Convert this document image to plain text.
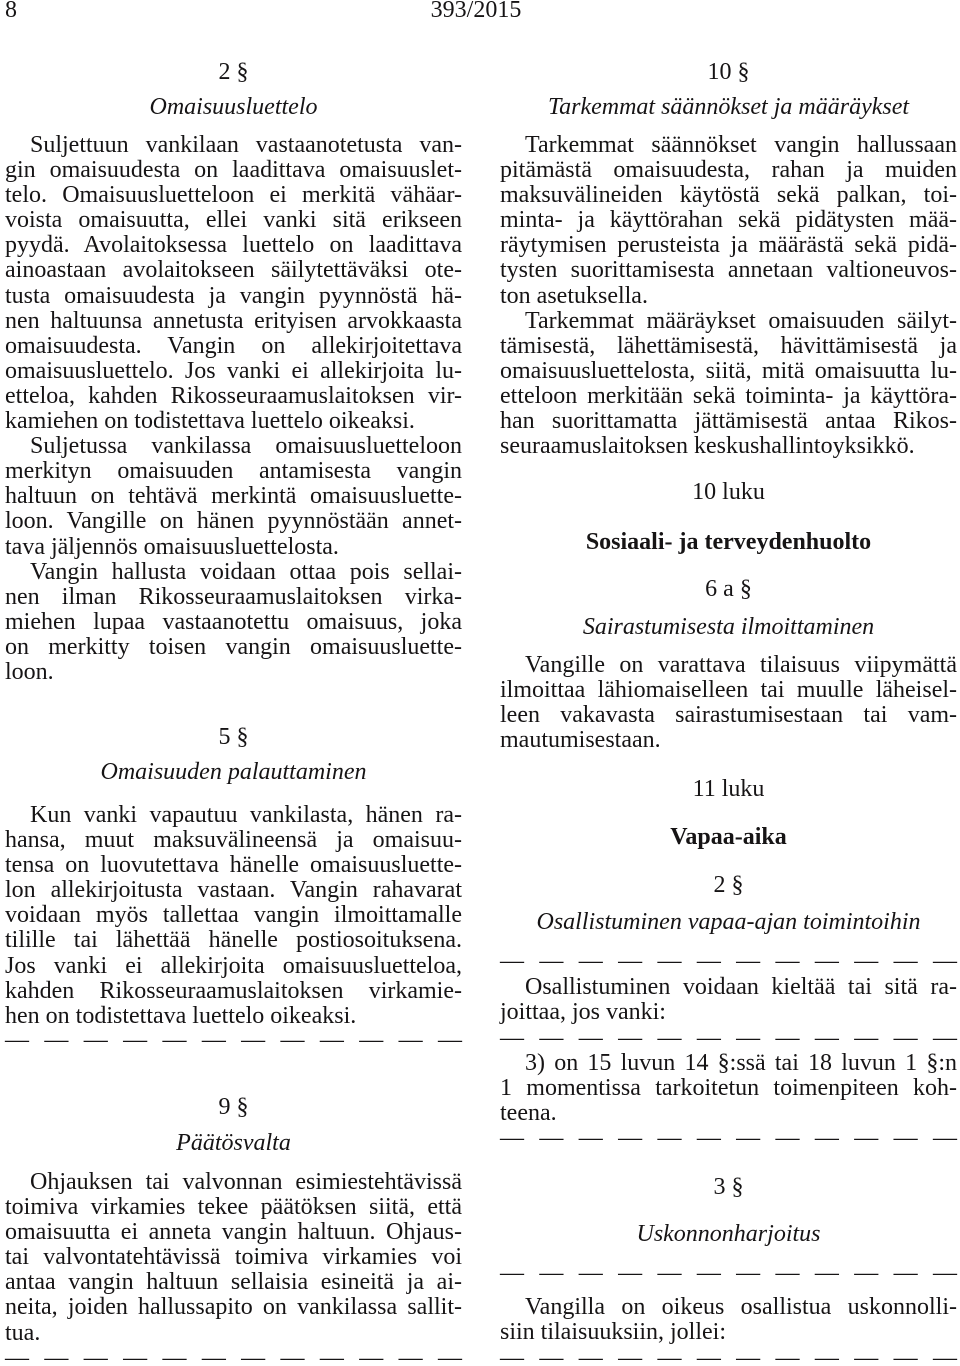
8	393/2015
2 §
Omaisuusluettelo
Suljettuun vankilaan vastaanotetusta van-
gin omaisuudesta on laadittava omaisuuslet-
telo. Omaisuusluetteloon ei merkitä vähäar-
voista omaisuutta, ellei vanki sitä erikseen
pyydä. Avolaitoksessa luettelo on laadittava
ainoastaan avolaitokseen säilytettäväksi ote-
tusta omaisuudesta ja vangin pyynnöstä hä-
nen haltuunsa annetusta erityisen arvokkaasta
omaisuudesta. Vangin on allekirjoitettava
omaisuusluettelo. Jos vanki ei allekirjoita lu-
etteloa, kahden Rikosseuraamuslaitoksen vir-
kamiehen on todistettava luettelo oikeaksi.
Suljetussa vankilassa omaisuusluetteloon
merkityn omaisuuden antamisesta vangin
haltuun on tehtävä merkintä omaisuusluette-
loon. Vangille on hänen pyynnöstään annet-
tava jäljennös omaisuusluettelosta.
Vangin hallusta voidaan ottaa pois sellai-
nen ilman Rikosseuraamuslaitoksen virka-
miehen lupaa vastaanotettu omaisuus, joka
on merkitty toisen vangin omaisuusluette-
loon.
5 §
Omaisuuden palauttaminen
Kun vanki vapautuu vankilasta, hänen ra-
hansa, muut maksuvälineensä ja omaisuu-
tensa on luovutettava hänelle omaisuusluette-
lon allekirjoitusta vastaan. Vangin rahavarat
voidaan myös tallettaa vangin ilmoittamalle
tilille tai lähettää hänelle postiosoituksena.
Jos vanki ei allekirjoita omaisuusluetteloa,
kahden Rikosseuraamuslaitoksen virkamie-
hen on todistettava luettelo oikeaksi.
— — — — — — — — — — — —
9 §
Päätösvalta
Ohjauksen tai valvonnan esimiestehtävissä
toimiva virkamies tekee päätöksen siitä, että
omaisuutta ei anneta vangin haltuun. Ohjaus-
tai valvontatehtävissä toimiva virkamies voi
antaa vangin haltuun sellaisia esineitä ja ai-
neita, joiden hallussapito on vankilassa sallit-
tua.
— — — — — — — — — — — —
10 §
Tarkemmat säännökset ja määräykset
Tarkemmat säännökset vangin hallussaan
pitämästä omaisuudesta, rahan ja muiden
maksuvälineiden käytöstä sekä palkan, toi-
minta- ja käyttörahan sekä pidätysten mää-
räytymisen perusteista ja määrästä sekä pidä-
tysten suorittamisesta annetaan valtioneuvos-
ton asetuksella.
Tarkemmat määräykset omaisuuden säilyt-
tämisestä, lähettämisestä, hävittämisestä ja
omaisuusluettelosta, siitä, mitä omaisuutta lu-
etteloon merkitään sekä toiminta- ja käyttöra-
han suorittamatta jättämisestä antaa Rikos-
seuraamuslaitoksen keskushallintoyksikkö.
10 luku
Sosiaali- ja terveydenhuolto
6 a §
Sairastumisesta ilmoittaminen
Vangille on varattava tilaisuus viipymättä
ilmoittaa lähiomaiselleen tai muulle läheisel-
leen vakavasta sairastumisestaan tai vam-
mautumisestaan.
11 luku
Vapaa-aika
2 §
Osallistuminen vapaa-ajan toimintoihin
— — — — — — — — — — — —
Osallistuminen voidaan kieltää tai sitä ra-
joittaa, jos vanki:
— — — — — — — — — — — —
3) on 15 luvun 14 §:ssä tai 18 luvun 1 §:n
1 momentissa tarkoitetun toimenpiteen koh-
teena.
— — — — — — — — — — — —
3 §
Uskonnonharjoitus
— — — — — — — — — — — —
Vangilla on oikeus osallistua uskonnolli-
siin tilaisuuksiin, jollei:
— — — — — — — — — — — —
